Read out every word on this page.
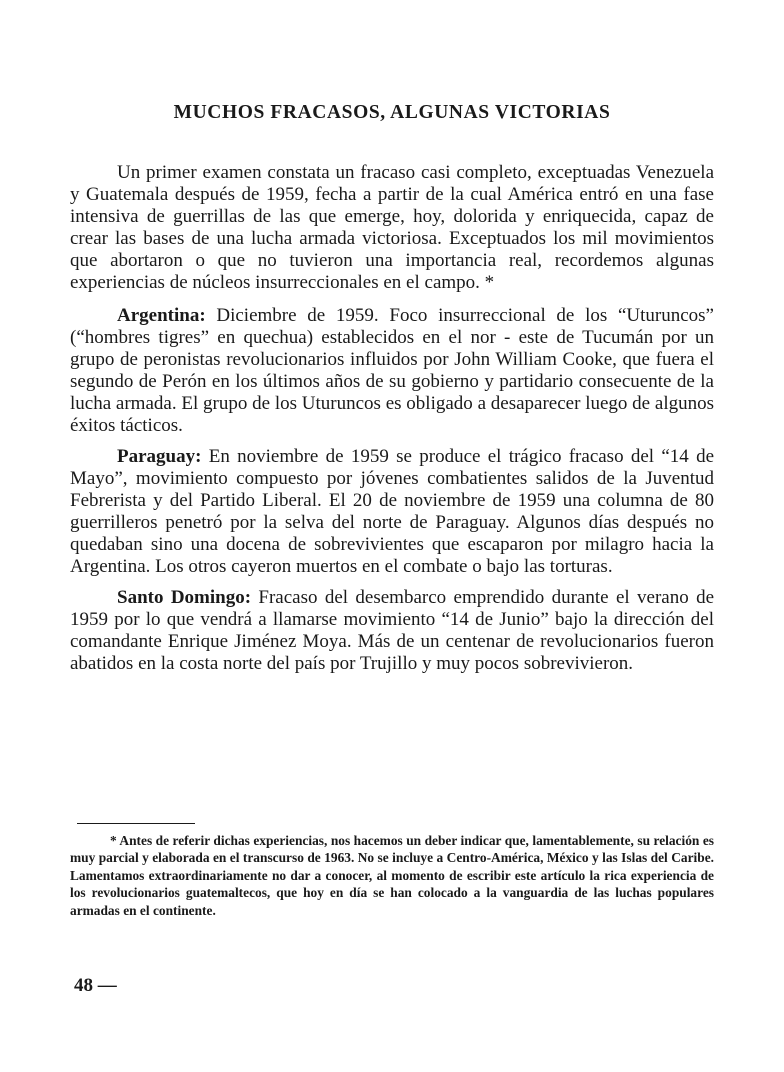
MUCHOS FRACASOS, ALGUNAS VICTORIAS

Un primer examen constata un fracaso casi completo, exceptuadas Venezuela y Guatemala después de 1959, fecha a partir de la cual América entró en una fase intensiva de guerrillas de las que emerge, hoy, dolorida y enriquecida, capaz de crear las bases de una lucha armada victoriosa. Exceptuados los mil movimientos que abortaron o que no tuvieron una importancia real, recordemos algunas experiencias de núcleos insurreccionales en el campo. *

Argentina: Diciembre de 1959. Foco insurreccional de los “Uturuncos” (“hombres tigres” en quechua) establecidos en el nor - este de Tucumán por un grupo de peronistas revolucionarios influidos por John William Cooke, que fuera el segundo de Perón en los últimos años de su gobierno y partidario consecuente de la lucha armada. El grupo de los Uturuncos es obligado a desaparecer luego de algunos éxitos tácticos.

Paraguay: En noviembre de 1959 se produce el trágico fracaso del “14 de Mayo”, movimiento compuesto por jóvenes combatientes salidos de la Juventud Febrerista y del Partido Liberal. El 20 de noviembre de 1959 una columna de 80 guerrilleros penetró por la selva del norte de Paraguay. Algunos días después no quedaban sino una docena de sobrevivientes que escaparon por milagro hacia la Argentina. Los otros cayeron muertos en el combate o bajo las torturas.

Santo Domingo: Fracaso del desembarco emprendido durante el verano de 1959 por lo que vendrá a llamarse movimiento “14 de Junio” bajo la dirección del comandante Enrique Jiménez Moya. Más de un centenar de revolucionarios fueron abatidos en la costa norte del país por Trujillo y muy pocos sobrevivieron.

* Antes de referir dichas experiencias, nos hacemos un deber indicar que, lamentablemente, su relación es muy parcial y elaborada en el transcurso de 1963. No se incluye a Centro-América, México y las Islas del Caribe. Lamentamos extraordinariamente no dar a conocer, al momento de escribir este artículo la rica experiencia de los revolucionarios guatemaltecos, que hoy en día se han colocado a la vanguardia de las luchas populares armadas en el continente.

48 —
